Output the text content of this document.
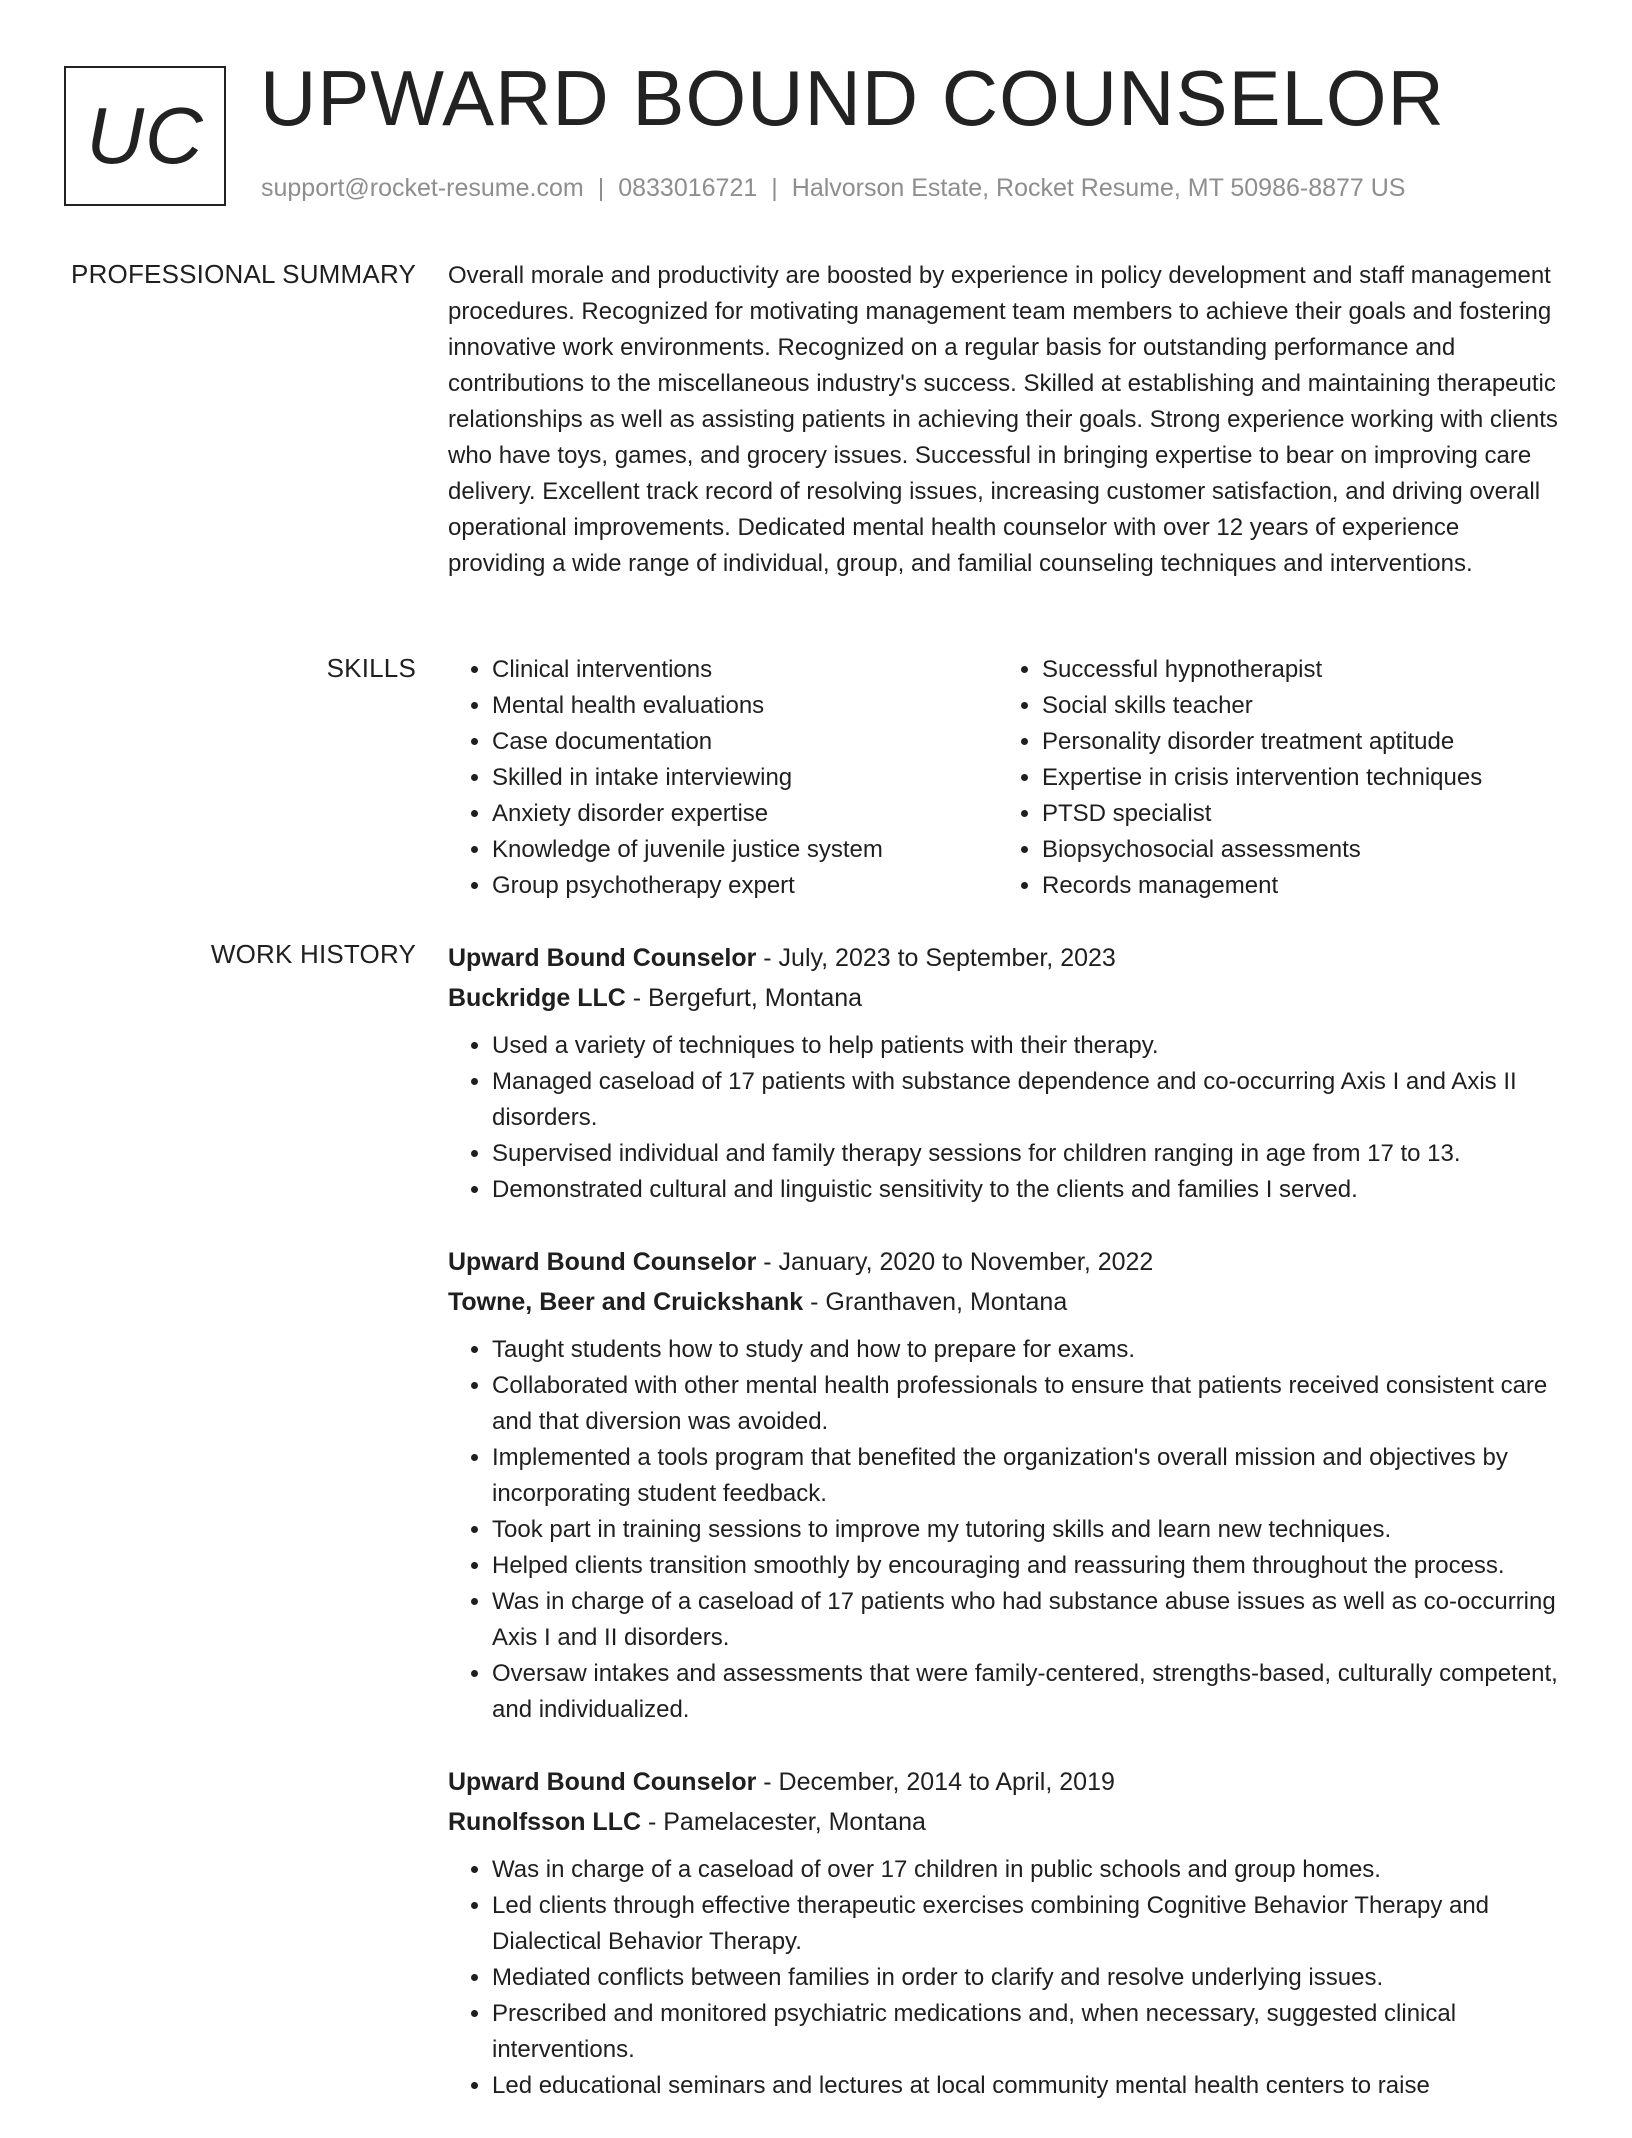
UC UPWARD BOUND COUNSELOR
support@rocket-resume.com | 0833016721 | Halvorson Estate, Rocket Resume, MT 50986-8877 US
PROFESSIONAL SUMMARY Overall morale and productivity are boosted by experience in policy development and staff management procedures. Recognized for motivating management team members to achieve their goals and fostering innovative work environments. Recognized on a regular basis for outstanding performance and contributions to the miscellaneous industry's success. Skilled at establishing and maintaining therapeutic relationships as well as assisting patients in achieving their goals. Strong experience working with clients who have toys, games, and grocery issues. Successful in bringing expertise to bear on improving care delivery. Excellent track record of resolving issues, increasing customer satisfaction, and driving overall operational improvements. Dedicated mental health counselor with over 12 years of experience providing a wide range of individual, group, and familial counseling techniques and interventions.

SKILLS
•	Clinical interventions
• Mental health evaluations
• Case documentation
• Skilled in intake interviewing
• Anxiety disorder expertise
• Knowledge of juvenile justice system
• Group psychotherapy expert
• Successful hypnotherapist
• Social skills teacher
• Personality disorder treatment aptitude
• Expertise in crisis intervention techniques
• PTSD specialist
• Biopsychosocial assessments
• Records management
WORK HISTORY Upward Bound Counselor - July, 2023 to September, 2023
Buckridge LLC - Bergefurt, Montana
• Used a variety of techniques to help patients with their therapy.
• Managed caseload of 17 patients with substance dependence and co-occurring Axis I and Axis II disorders.
• Supervised individual and family therapy sessions for children ranging in age from 17 to 13.
• Demonstrated cultural and linguistic sensitivity to the clients and families I served.
Upward Bound Counselor - January, 2020 to November, 2022
Towne, Beer and Cruickshank - Granthaven, Montana
• Taught students how to study and how to prepare for exams.
• Collaborated with other mental health professionals to ensure that patients received consistent care and that diversion was avoided.
• Implemented a tools program that benefited the organization's overall mission and objectives by incorporating student feedback.
• Took part in training sessions to improve my tutoring skills and learn new techniques.
• Helped clients transition smoothly by encouraging and reassuring them throughout the process.
• Was in charge of a caseload of 17 patients who had substance abuse issues as well as co-occurring Axis I and II disorders.
• Oversaw intakes and assessments that were family-centered, strengths-based, culturally competent, and individualized.
Upward Bound Counselor - December, 2014 to April, 2019
Runolfsson LLC - Pamelacester, Montana
• Was in charge of a caseload of over 17 children in public schools and group homes.
• Led clients through effective therapeutic exercises combining Cognitive Behavior Therapy and Dialectical Behavior Therapy.
• Mediated conflicts between families in order to clarify and resolve underlying issues.
• Prescribed and monitored psychiatric medications and, when necessary, suggested clinical interventions.
• Led educational seminars and lectures at local community mental health centers to raise
